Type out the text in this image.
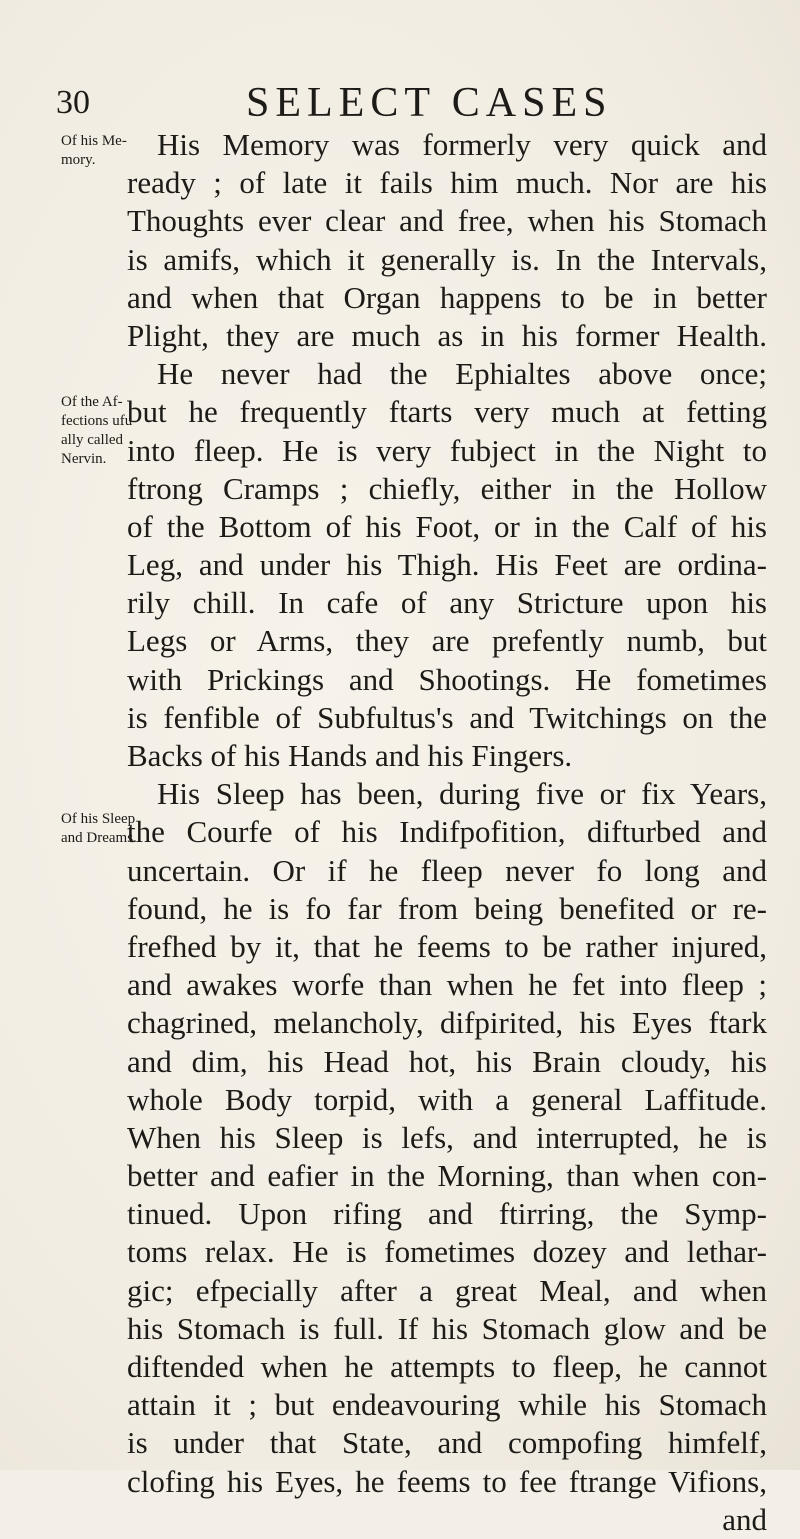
30	SELECT CASES
Of his Me-
mory.
Of the Af-
fections ufu-
ally called
Nervin.
Of his Sleep
and Dreams.
His Memory was formerly very quick and
ready ; of late it fails him much. Nor are his
Thoughts ever clear and free, when his Stomach
is amifs, which it generally is. In the Intervals,
and when that Organ happens to be in better
Plight, they are much as in his former Health.
He never had the Ephialtes above once;
but he frequently ftarts very much at fetting
into fleep. He is very fubject in the Night to
ftrong Cramps ; chiefly, either in the Hollow
of the Bottom of his Foot, or in the Calf of his
Leg, and under his Thigh. His Feet are ordina-
rily chill. In cafe of any Stricture upon his
Legs or Arms, they are prefently numb, but
with Prickings and Shootings. He fometimes
is fenfible of Subfultus's and Twitchings on the
Backs of his Hands and his Fingers.
His Sleep has been, during five or fix Years,
the Courfe of his Indifpofition, difturbed and
uncertain. Or if he fleep never fo long and
found, he is fo far from being benefited or re-
frefhed by it, that he feems to be rather injured,
and awakes worfe than when he fet into fleep ;
chagrined, melancholy, difpirited, his Eyes ftark
and dim, his Head hot, his Brain cloudy, his
whole Body torpid, with a general Laffitude.
When his Sleep is lefs, and interrupted, he is
better and eafier in the Morning, than when con-
tinued. Upon rifing and ftirring, the Symp-
toms relax. He is fometimes dozey and lethar-
gic; efpecially after a great Meal, and when
his Stomach is full. If his Stomach glow and be
diftended when he attempts to fleep, he cannot
attain it ; but endeavouring while his Stomach
is under that State, and compofing himfelf,
clofing his Eyes, he feems to fee ftrange Vifions,
and
